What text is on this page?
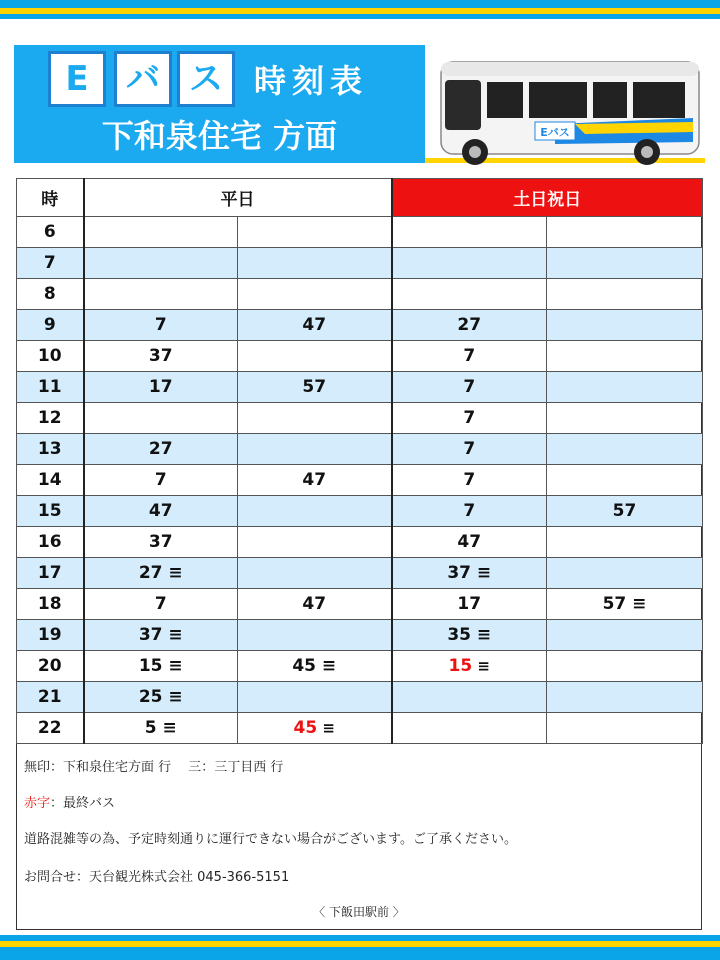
E	バ ス 時刻表
下和泉住宅 方面	Eバス
時	平日		土日祝日	
6				
7				
8				
9	7	47	27	
10	37		7	
11	17	57	7	
12			7	
13	27		7	
14	7	47	7	
15	47		7	57
16	37		47	
17	27 ≡		37 ≡	
18	7	47	17	57 ≡
19	37 ≡		35 ≡	
20	15 ≡	45 ≡	15 ≡	
21	25 ≡			
22	5 ≡	45 ≡		
無印：下和泉住宅方面 行　 三：三丁目西 行
赤字：最終バス
道路混雑等の為、予定時刻通りに運行できない場合がございます。ご了承ください。
お問合せ：天台観光株式会社 045-366-5151
〈 下飯田駅前 〉
